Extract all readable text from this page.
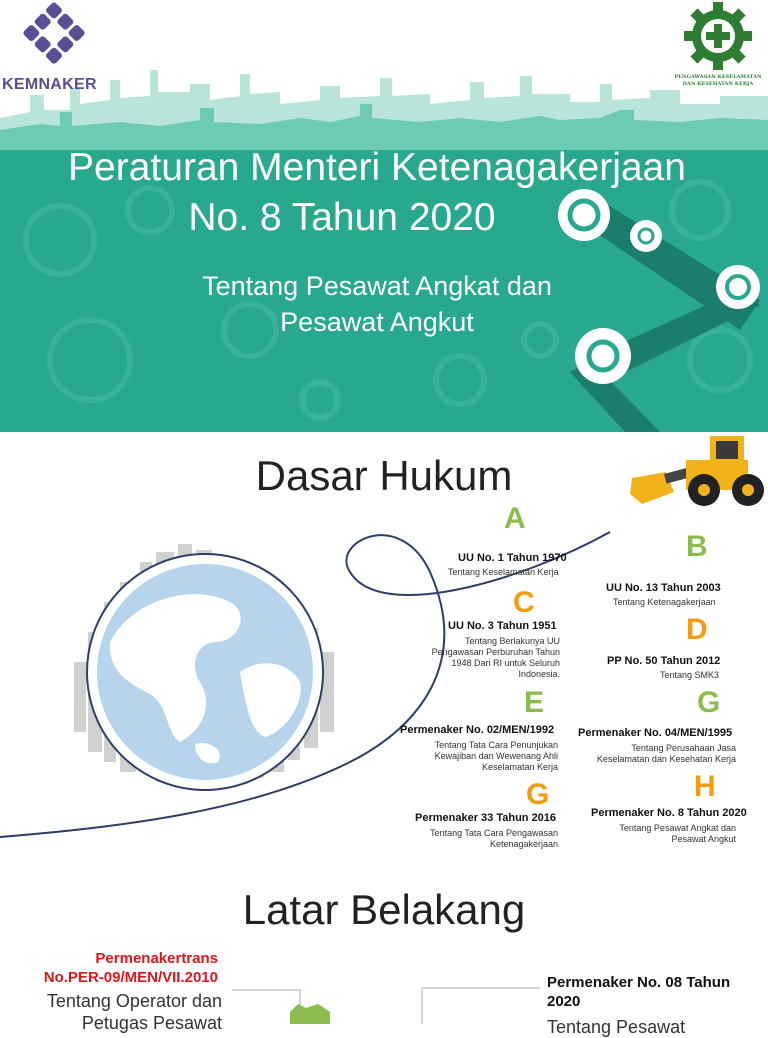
KEMNAKER	PENGAWASAN KESELAMATAN
DAN KESEHATAN KERJA
Peraturan Menteri Ketenagakerjaan
No. 8 Tahun 2020
Tentang Pesawat Angkat dan
Pesawat Angkut
Dasar Hukum
A
UU No. 1 Tahun 1970
Tentang Keselamatan Kerja
B
UU No. 13 Tahun 2003
Tentang Ketenagakerjaan
C
UU No. 3 Tahun 1951
Tentang Berlakunya UU
Pengawasan Perburuhan Tahun
1948 Dari RI untuk Seluruh
Indonesia.
D
PP No. 50 Tahun 2012
Tentang SMK3
E
Permenaker No. 02/MEN/1992
Tentang Tata Cara Penunjukan
Kewajiban dan Wewenang Ahli
Keselamatan Kerja
G
Permenaker No. 04/MEN/1995
Tentang Perusahaan Jasa
Keselamatan dan Kesehatan Kerja
G
Permenaker 33 Tahun 2016
Tentang Tata Cara Pengawasan
Ketenagakerjaan
H
Permenaker No. 8 Tahun 2020
Tentang Pesawat Angkat dan
Pesawat Angkut
Latar Belakang
Permenakertrans
No.PER-09/MEN/VII.2010
Tentang Operator dan
Petugas Pesawat
Permenaker No. 08 Tahun
2020
Tentang Pesawat
